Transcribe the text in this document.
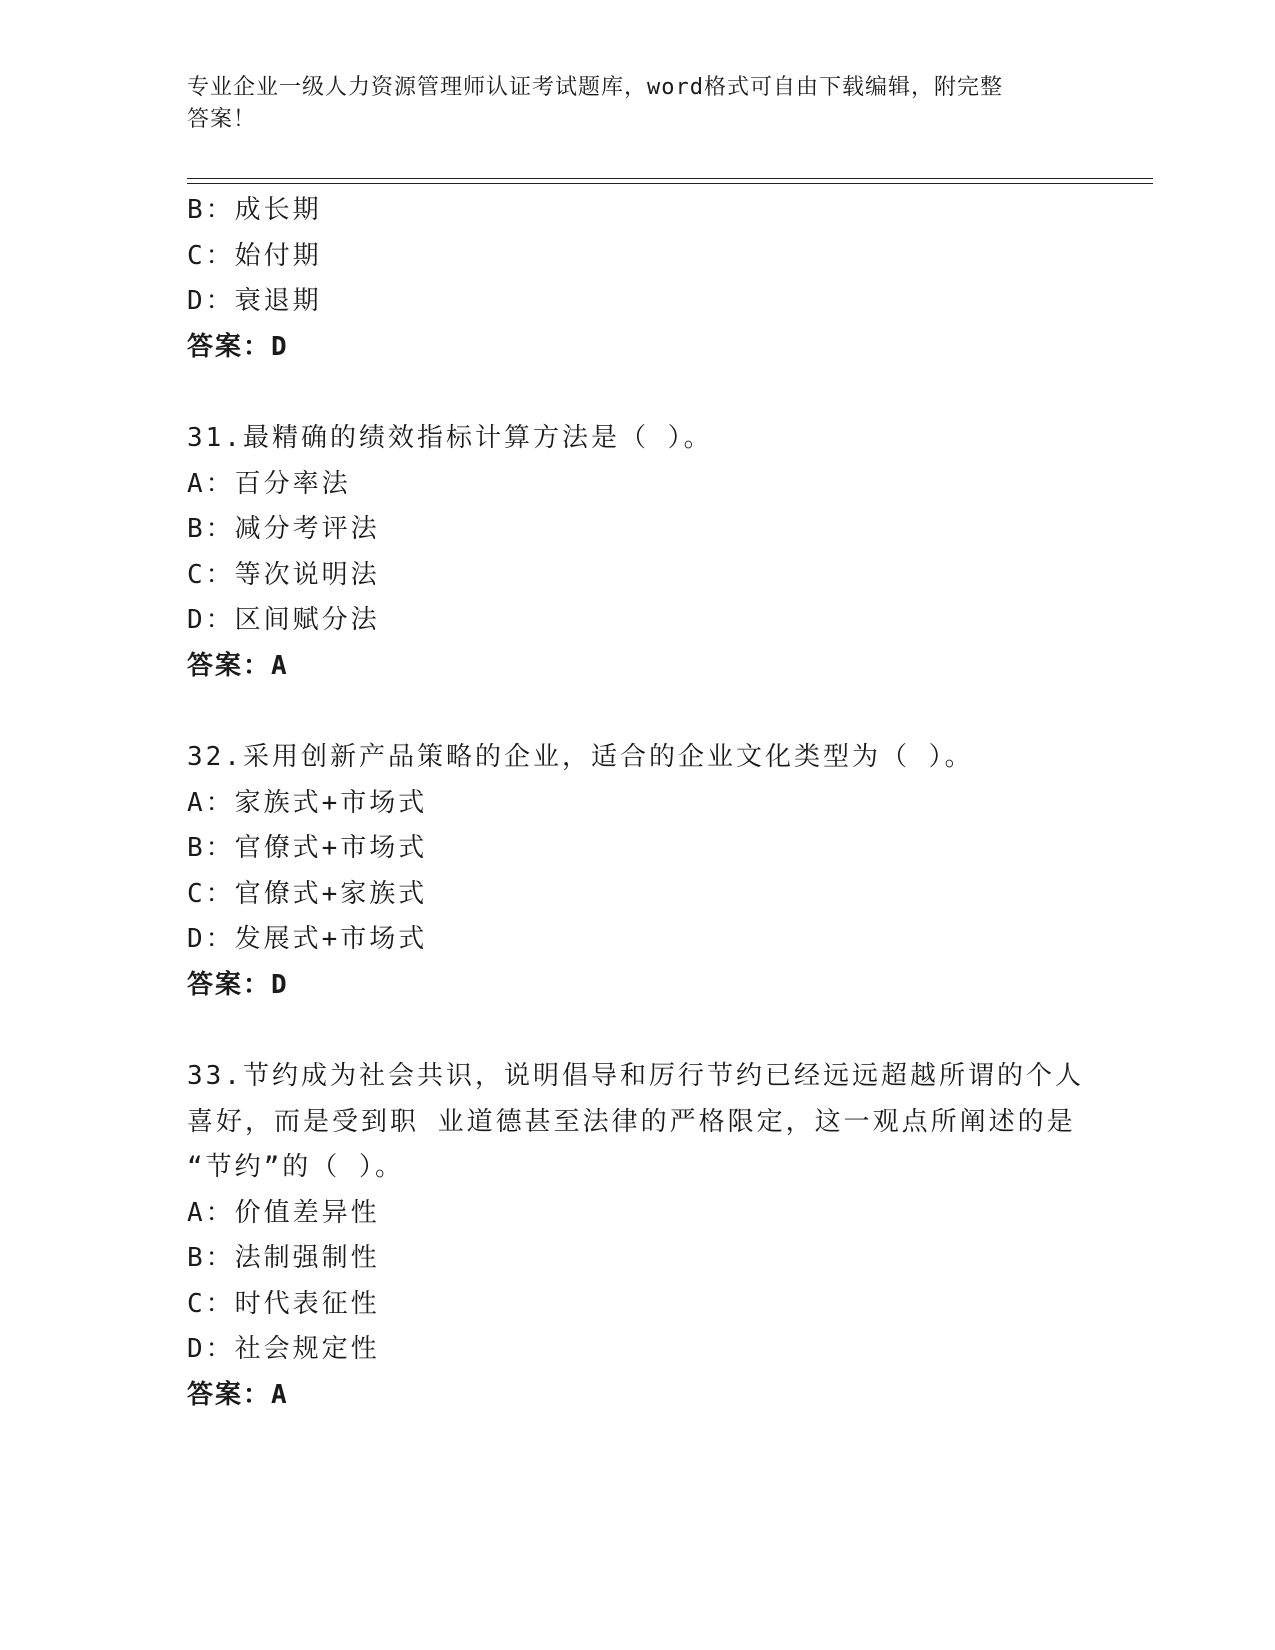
专业企业一级人力资源管理师认证考试题库，word格式可自由下载编辑，附完整
答案！
B：成长期
C：始付期
D：衰退期
答案：D
31.最精确的绩效指标计算方法是（ ）。
A：百分率法
B：减分考评法
C：等次说明法
D：区间赋分法
答案：A
32.采用创新产品策略的企业，适合的企业文化类型为（ ）。
A：家族式+市场式
B：官僚式+市场式
C：官僚式+家族式
D：发展式+市场式
答案：D
33.节约成为社会共识，说明倡导和厉行节约已经远远超越所谓的个人
喜好，而是受到职 业道德甚至法律的严格限定，这一观点所阐述的是
“节约”的（ ）。
A：价值差异性
B：法制强制性
C：时代表征性
D：社会规定性
答案：A
